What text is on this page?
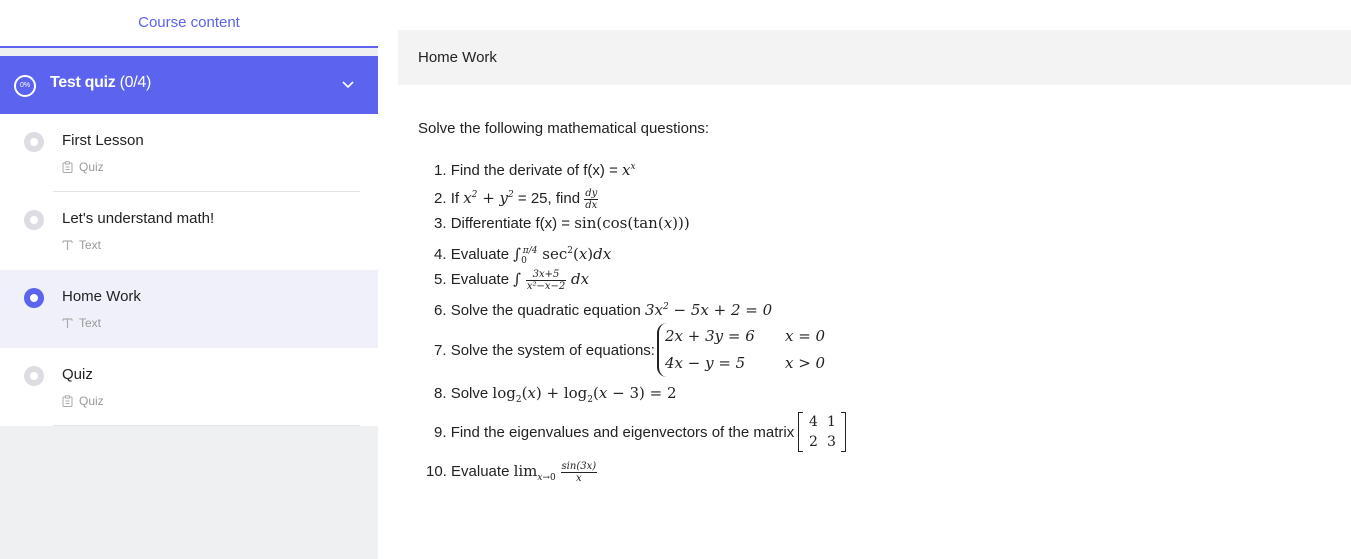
Course content
0%	Test quiz (0/4)
First Lesson
Quiz
Let's understand math!
Text
Home Work
Text
Quiz
Quiz
Home Work

Solve the following mathematical questions:

1. Find the derivate of $f(x) = x^x$
2. If $x^2 + y^2 = 25$, find $\frac{dy}{dx}$
3. Differentiate f(x) = sin(cos(tan(x)))
4. Evaluate $\int_0^{\pi/4}$ $\sec^2(x)dx$
5. Evaluate ∫ $\frac{3x+5}{\text{x²−x−2}}$ dx
6. Solve the quadratic equation $3x^2 - 5x + 2 = 0$
7.
Solve the system of equations:
2x + 3y = 6 x = 0
4x − y = 5	x > 0
8. Solve $\log_2(x) + \log_2(x - 3) = 2$
9.
Find the eigenvalues and eigenvectors of the matrix

4 1
2 3
10. Evaluate $\lim_{x\to 0} \frac{\sin(3x)}{x}$
